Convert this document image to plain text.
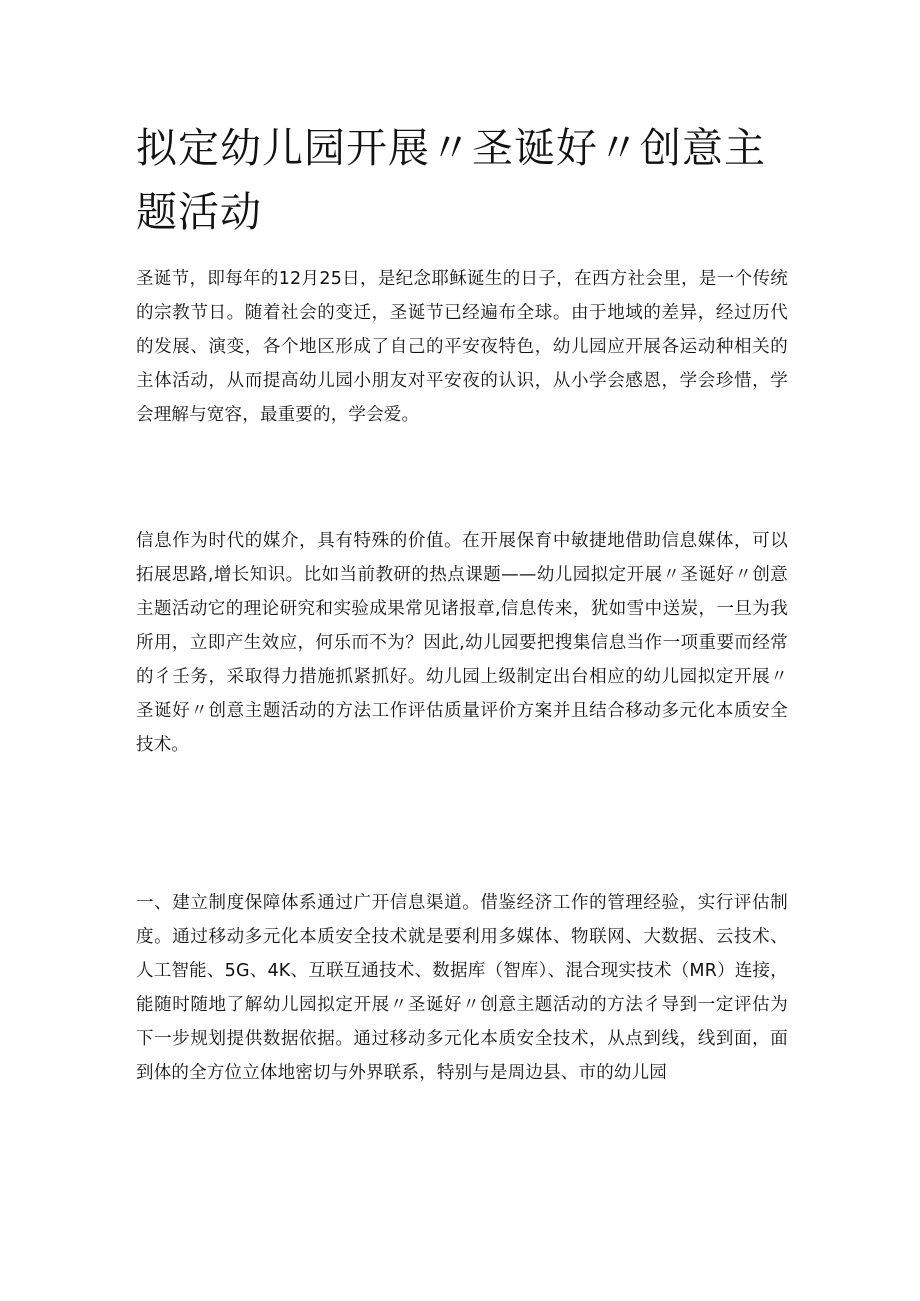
拟定幼儿园开展〃圣诞好〃创意主题活动

圣诞节，即每年的12月25日，是纪念耶稣诞生的日子，在西方社会里，是一个传统的宗教节日。随着社会的变迁，圣诞节已经遍布全球。由于地域的差异，经过历代的发展、演变，各个地区形成了自己的平安夜特色，幼儿园应开展各运动种相关的主体活动，从而提高幼儿园小朋友对平安夜的认识，从小学会感恩，学会珍惜，学会理解与宽容，最重要的，学会爱。

信息作为时代的媒介，具有特殊的价值。在开展保育中敏捷地借助信息媒体，可以拓展思路,增长知识。比如当前教研的热点课题——幼儿园拟定开展〃圣诞好〃创意主题活动它的理论研究和实验成果常见诸报章,信息传来，犹如雪中送炭，一旦为我所用，立即产生效应，何乐而不为？因此,幼儿园要把搜集信息当作一项重要而经常的彳壬务，采取得力措施抓紧抓好。幼儿园上级制定出台相应的幼儿园拟定开展〃圣诞好〃创意主题活动的方法工作评估质量评价方案并且结合移动多元化本质安全技术。

一、建立制度保障体系通过广开信息渠道。借鉴经济工作的管理经验，实行评估制度。通过移动多元化本质安全技术就是要利用多媒体、物联网、大数据、云技术、人工智能、5G、4K、互联互通技术、数据库（智库）、混合现实技术（MR）连接，能随时随地了解幼儿园拟定开展〃圣诞好〃创意主题活动的方法彳导到一定评估为下一步规划提供数据依据。通过移动多元化本质安全技术，从点到线，线到面，面到体的全方位立体地密切与外界联系，特别与是周边县、市的幼儿园
